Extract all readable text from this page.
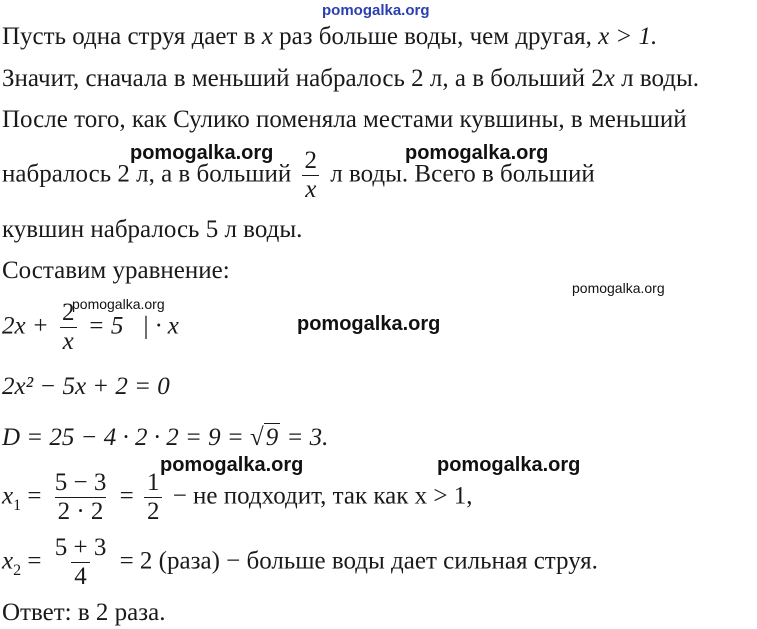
pomogalka.org
Пусть одна струя дает в x раз больше воды, чем другая, x > 1.
Значит, сначала в меньший набралось 2 л, а в больший 2x л воды.
После того, как Сулико поменяла местами кувшины, в меньший
набралось 2 л, а в больший $\frac{2}{x}$ л воды. Всего в больший
кувшин набралось 5 л воды.
Составим уравнение:
$2x + \frac{2}{x} = 5$   | · x
2x² − 5x + 2 = 0
D = 25 − 4 · 2 · 2 = 9 = √9 = 3.
$x_1 = \frac{5 - 3}{2 \cdot 2} = \frac{1}{2}$ − не подходит, так как x > 1,
$x_2 = \frac{5 + 3}{4} = 2$ (раза) − больше воды дает сильная струя.
Ответ: в 2 раза.
pomogalka.org	pomogalka.org
pomogalka.org
pomogalka.org
pomogalka.org
pomogalka.org	pomogalka.org
